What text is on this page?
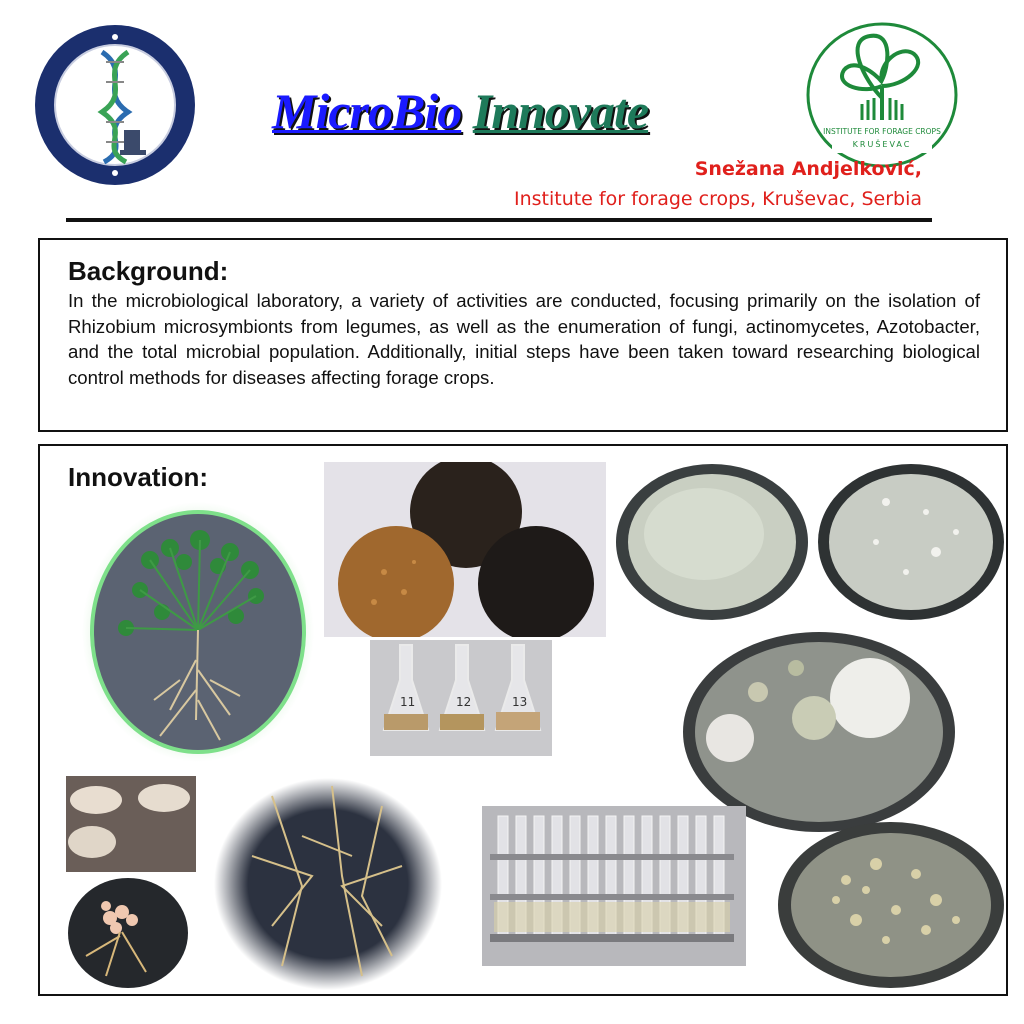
MicroBio Innovate	INSTITUTE FOR FORAGE CROPS
KRUŠEVAC
Snežana Andjelković,
Institute for forage crops, Kruševac, Serbia
Background:
In the microbiological laboratory, a variety of activities are conducted, focusing primarily on the isolation of Rhizobium microsymbionts from legumes, as well as the enumeration of fungi, actinomycetes, Azotobacter, and the total microbial population. Additionally, initial steps have been taken toward researching biological control methods for diseases affecting forage crops.
Innovation:
11	12	13
